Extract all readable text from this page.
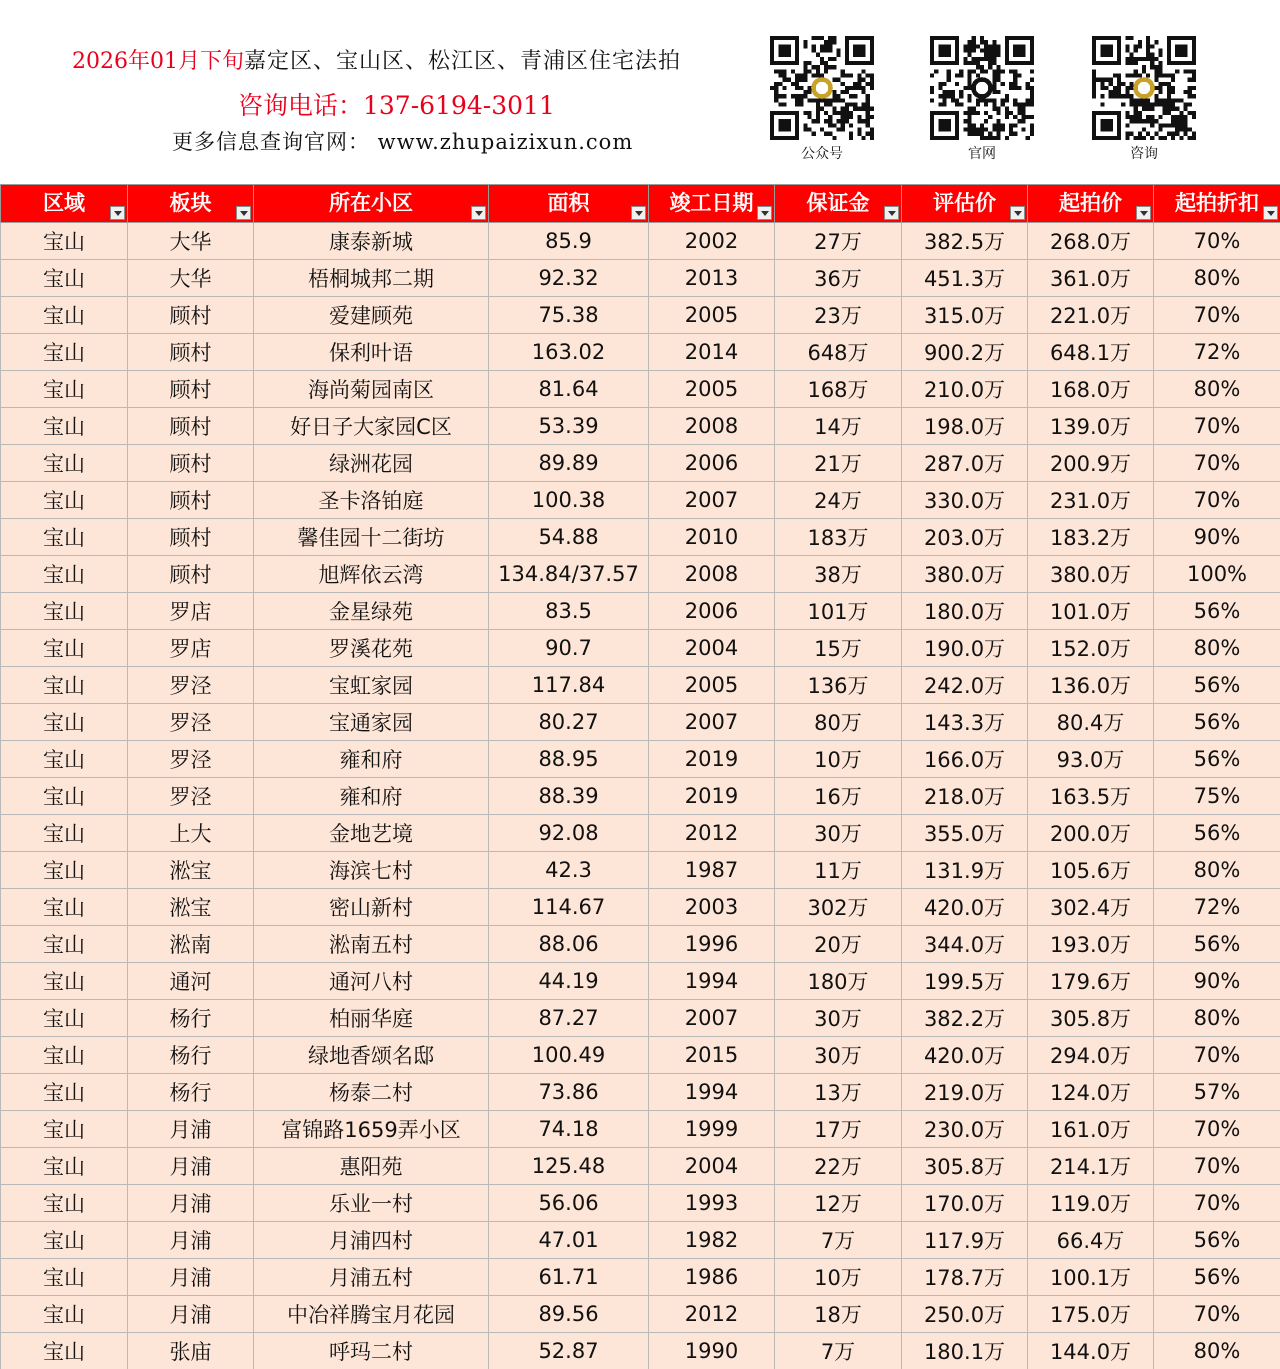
2026年01月下旬嘉定区、宝山区、松江区、青浦区住宅法拍
咨询电话：137-6194-3011
更多信息查询官网： www.zhupaizixun.com	公众号	官网	咨询
区域	板块	所在小区	面积	竣工日期	保证金	评估价	起拍价	起拍折扣

宝山	大华	康泰新城	85.9	2002	27万	382.5万	268.0万	70%
宝山	大华	梧桐城邦二期	92.32	2013	36万	451.3万	361.0万	80%
宝山	顾村	爱建顾苑	75.38	2005	23万	315.0万	221.0万	70%
宝山	顾村	保利叶语	163.02	2014	648万	900.2万	648.1万	72%
宝山	顾村	海尚菊园南区	81.64	2005	168万	210.0万	168.0万	80%
宝山	顾村	好日子大家园C区	53.39	2008	14万	198.0万	139.0万	70%
宝山	顾村	绿洲花园	89.89	2006	21万	287.0万	200.9万	70%
宝山	顾村	圣卡洛铂庭	100.38	2007	24万	330.0万	231.0万	70%
宝山	顾村	馨佳园十二街坊	54.88	2010	183万	203.0万	183.2万	90%
宝山	顾村	旭辉依云湾	134.84/37.57	2008	38万	380.0万	380.0万	100%
宝山	罗店	金星绿苑	83.5	2006	101万	180.0万	101.0万	56%
宝山	罗店	罗溪花苑	90.7	2004	15万	190.0万	152.0万	80%
宝山	罗泾	宝虹家园	117.84	2005	136万	242.0万	136.0万	56%
宝山	罗泾	宝通家园	80.27	2007	80万	143.3万	80.4万	56%
宝山	罗泾	雍和府	88.95	2019	10万	166.0万	93.0万	56%
宝山	罗泾	雍和府	88.39	2019	16万	218.0万	163.5万	75%
宝山	上大	金地艺境	92.08	2012	30万	355.0万	200.0万	56%
宝山	淞宝	海滨七村	42.3	1987	11万	131.9万	105.6万	80%
宝山	淞宝	密山新村	114.67	2003	302万	420.0万	302.4万	72%
宝山	淞南	淞南五村	88.06	1996	20万	344.0万	193.0万	56%
宝山	通河	通河八村	44.19	1994	180万	199.5万	179.6万	90%
宝山	杨行	柏丽华庭	87.27	2007	30万	382.2万	305.8万	80%
宝山	杨行	绿地香颂名邸	100.49	2015	30万	420.0万	294.0万	70%
宝山	杨行	杨泰二村	73.86	1994	13万	219.0万	124.0万	57%
宝山	月浦	富锦路1659弄小区	74.18	1999	17万	230.0万	161.0万	70%
宝山	月浦	惠阳苑	125.48	2004	22万	305.8万	214.1万	70%
宝山	月浦	乐业一村	56.06	1993	12万	170.0万	119.0万	70%
宝山	月浦	月浦四村	47.01	1982	7万	117.9万	66.4万	56%
宝山	月浦	月浦五村	61.71	1986	10万	178.7万	100.1万	56%
宝山	月浦	中冶祥腾宝月花园	89.56	2012	18万	250.0万	175.0万	70%
宝山	张庙	呼玛二村	52.87	1990	7万	180.1万	144.0万	80%
